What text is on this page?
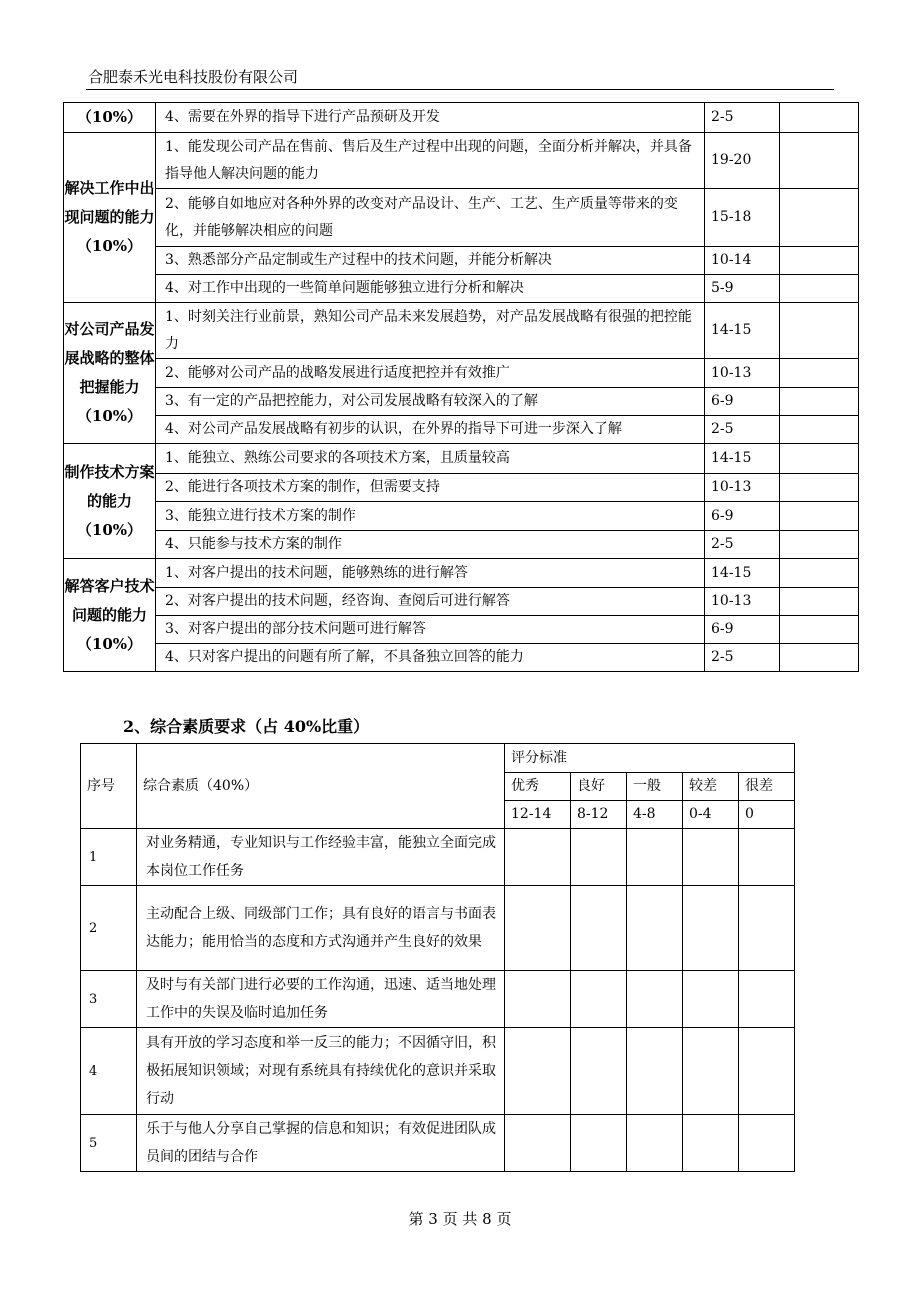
合肥泰禾光电科技股份有限公司
（10%）	4、需要在外界的指导下进行产品预研及开发	2-5	
解决工作中出现问题的能力（10%）	1、能发现公司产品在售前、售后及生产过程中出现的问题，全面分析并解决，并具备指导他人解决问题的能力	19-20	
	2、能够自如地应对各种外界的改变对产品设计、生产、工艺、生产质量等带来的变化，并能够解决相应的问题	15-18	
	3、熟悉部分产品定制或生产过程中的技术问题，并能分析解决	10-14	
	4、对工作中出现的一些简单问题能够独立进行分析和解决	5-9	
对公司产品发展战略的整体把握能力（10%）	1、时刻关注行业前景，熟知公司产品未来发展趋势，对产品发展战略有很强的把控能力	14-15	
	2、能够对公司产品的战略发展进行适度把控并有效推广	10-13	
	3、有一定的产品把控能力，对公司发展战略有较深入的了解	6-9	
	4、对公司产品发展战略有初步的认识，在外界的指导下可进一步深入了解	2-5	
制作技术方案的能力（10%）	1、能独立、熟练公司要求的各项技术方案，且质量较高	14-15	
	2、能进行各项技术方案的制作，但需要支持	10-13	
	3、能独立进行技术方案的制作	6-9	
	4、只能参与技术方案的制作	2-5	
解答客户技术问题的能力（10%）	1、对客户提出的技术问题，能够熟练的进行解答	14-15	
	2、对客户提出的技术问题，经咨询、查阅后可进行解答	10-13	
	3、对客户提出的部分技术问题可进行解答	6-9	
	4、只对客户提出的问题有所了解，不具备独立回答的能力	2-5	
2、综合素质要求（占 40%比重）
序号	综合素质（40%）	评分标准				
		优秀	良好	一般	较差	很差
		12-14	8-12	4-8	0-4	0
1	对业务精通，专业知识与工作经验丰富，能独立全面完成本岗位工作任务					
2	主动配合上级、同级部门工作；具有良好的语言与书面表达能力；能用恰当的态度和方式沟通并产生良好的效果					
3	及时与有关部门进行必要的工作沟通，迅速、适当地处理工作中的失误及临时追加任务					
4	具有开放的学习态度和举一反三的能力；不因循守旧，积极拓展知识领域；对现有系统具有持续优化的意识并采取行动					
5	乐于与他人分享自己掌握的信息和知识；有效促进团队成员间的团结与合作					
第 3 页 共 8 页
